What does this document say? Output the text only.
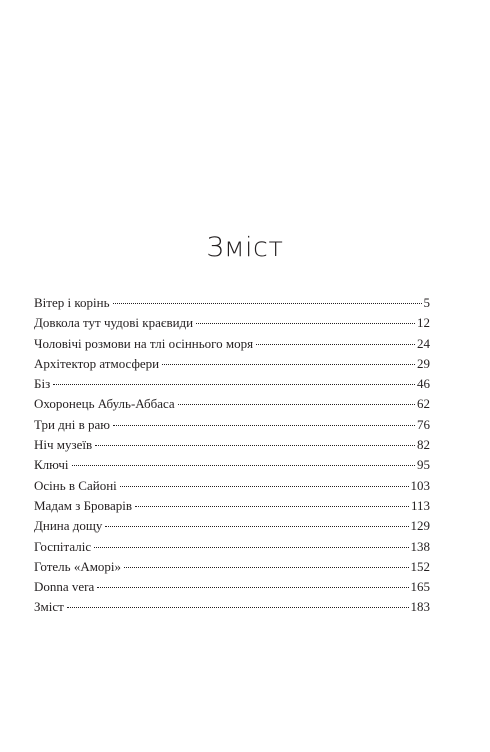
Зміст
Вітер і корінь	5
Довкола тут чудові краєвиди	12
Чоловічі розмови на тлі осіннього моря	24
Архітектор атмосфери	29
Біз	46
Охоронець Абуль-Аббаса	62
Три дні в раю	76
Ніч музеїв	82
Ключі	95
Осінь в Сайоні	103
Мадам з Броварів	113
Днина дощу	129
Госпіталіс	138
Готель «Аморі»	152
Donna vera	165
Зміст	183
